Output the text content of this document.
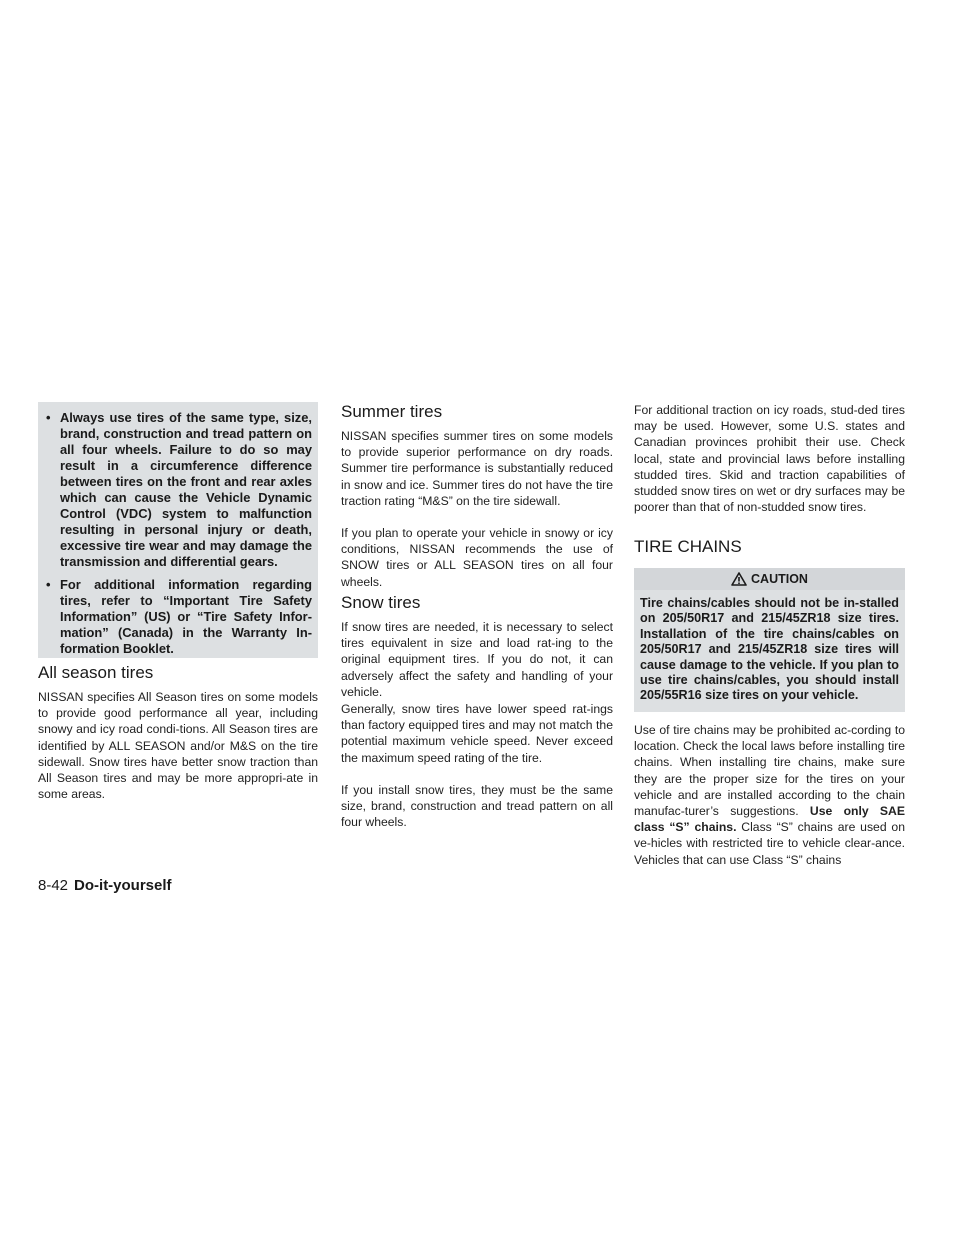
• Always use tires of the same type, size, brand, construction and tread pattern on all four wheels. Failure to do so may result in a circumference difference between tires on the front and rear axles which can cause the Vehicle Dynamic Control (VDC) system to malfunction resulting in personal injury or death, excessive tire wear and may damage the transmission and differential gears.
• For additional information regarding tires, refer to “Important Tire Safety Information” (US) or “Tire Safety Infor-mation” (Canada) in the Warranty In-formation Booklet.
All season tires

NISSAN specifies All Season tires on some models to provide good performance all year, including snowy and icy road condi-tions. All Season tires are identified by ALL SEASON and/or M&S on the tire sidewall. Snow tires have better snow traction than All Season tires and may be more appropri-ate in some areas.

Summer tires

NISSAN specifies summer tires on some models to provide superior performance on dry roads. Summer tire performance is substantially reduced in snow and ice. Summer tires do not have the tire traction rating “M&S” on the tire sidewall.

If you plan to operate your vehicle in snowy or icy conditions, NISSAN recommends the use of SNOW tires or ALL SEASON tires on all four wheels.

Snow tires

If snow tires are needed, it is necessary to select tires equivalent in size and load rat-ing to the original equipment tires. If you do not, it can adversely affect the safety and handling of your vehicle.

Generally, snow tires have lower speed rat-ings than factory equipped tires and may not match the potential maximum vehicle speed. Never exceed the maximum speed rating of the tire.

If you install snow tires, they must be the same size, brand, construction and tread pattern on all four wheels.

For additional traction on icy roads, stud-ded tires may be used. However, some U.S. states and Canadian provinces prohibit their use. Check local, state and provincial laws before installing studded tires. Skid and traction capabilities of studded snow tires on wet or dry surfaces may be poorer than that of non-studded snow tires.

TIRE CHAINS
CAUTION
Tire chains/cables should not be in-stalled on 205/50R17 and 215/45ZR18 size tires. Installation of the tire chains/cables on 205/50R17 and 215/45ZR18 size tires will cause damage to the vehicle. If you plan to use tire chains/cables, you should install 205/55R16 size tires on your vehicle.

Use of tire chains may be prohibited ac-cording to location. Check the local laws before installing tire chains. When installing tire chains, make sure they are the proper size for the tires on your vehicle and are installed according to the chain manufac-turer’s suggestions. Use only SAE class “S” chains. Class “S” chains are used on ve-hicles with restricted tire to vehicle clear-ance. Vehicles that can use Class “S” chains

8-42 Do-it-yourself
